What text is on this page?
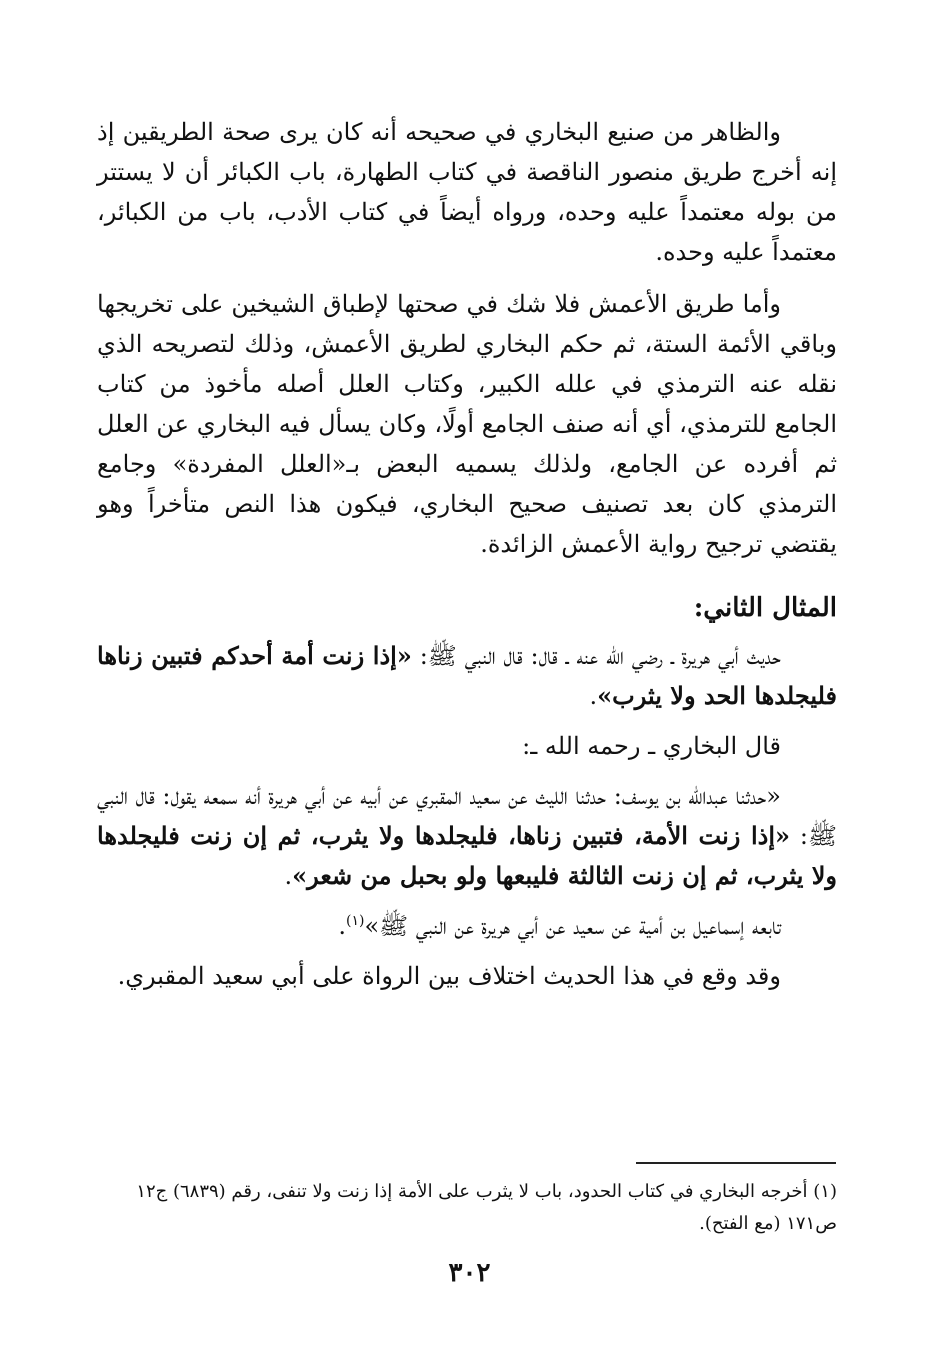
والظاهر من صنيع البخاري في صحيحه أنه كان يرى صحة الطريقين إذ إنه أخرج طريق منصور الناقصة في كتاب الطهارة، باب الكبائر أن لا يستتر من بوله معتمداً عليه وحده، ورواه أيضاً في كتاب الأدب، باب من الكبائر، معتمداً عليه وحده.

وأما طريق الأعمش فلا شك في صحتها لإطباق الشيخين على تخريجها وباقي الأئمة الستة، ثم حكم البخاري لطريق الأعمش، وذلك لتصريحه الذي نقله عنه الترمذي في علله الكبير، وكتاب العلل أصله مأخوذ من كتاب الجامع للترمذي، أي أنه صنف الجامع أولًا، وكان يسأل فيه البخاري عن العلل ثم أفرده عن الجامع، ولذلك يسميه البعض بـ«العلل المفردة» وجامع الترمذي كان بعد تصنيف صحيح البخاري، فيكون هذا النص متأخراً وهو يقتضي ترجيح رواية الأعمش الزائدة.

المثال الثاني:

حديث أبي هريرة ـ رضي الله عنه ـ قال: قال النبي ﷺ: «إذا زنت أمة أحدكم فتبين زناها فليجلدها الحد ولا يثرب».

قال البخاري ـ رحمه الله ـ:

«حدثنا عبدالله بن يوسف: حدثنا الليث عن سعيد المقبري عن أبيه عن أبي هريرة أنه سمعه يقول: قال النبي ﷺ: «إذا زنت الأمة، فتبين زناها، فليجلدها ولا يثرب، ثم إن زنت فليجلدها ولا يثرب، ثم إن زنت الثالثة فليبعها ولو بحبل من شعر».

تابعه إسماعيل بن أمية عن سعيد عن أبي هريرة عن النبي ﷺ»$^{(١)}$.

وقد وقع في هذا الحديث اختلاف بين الرواة على أبي سعيد المقبري.

(١) أخرجه البخاري في كتاب الحدود، باب لا يثرب على الأمة إذا زنت ولا تنفى، رقم (٦٨٣٩) ج١٢ ص١٧١ (مع الفتح).

٣٠٢
